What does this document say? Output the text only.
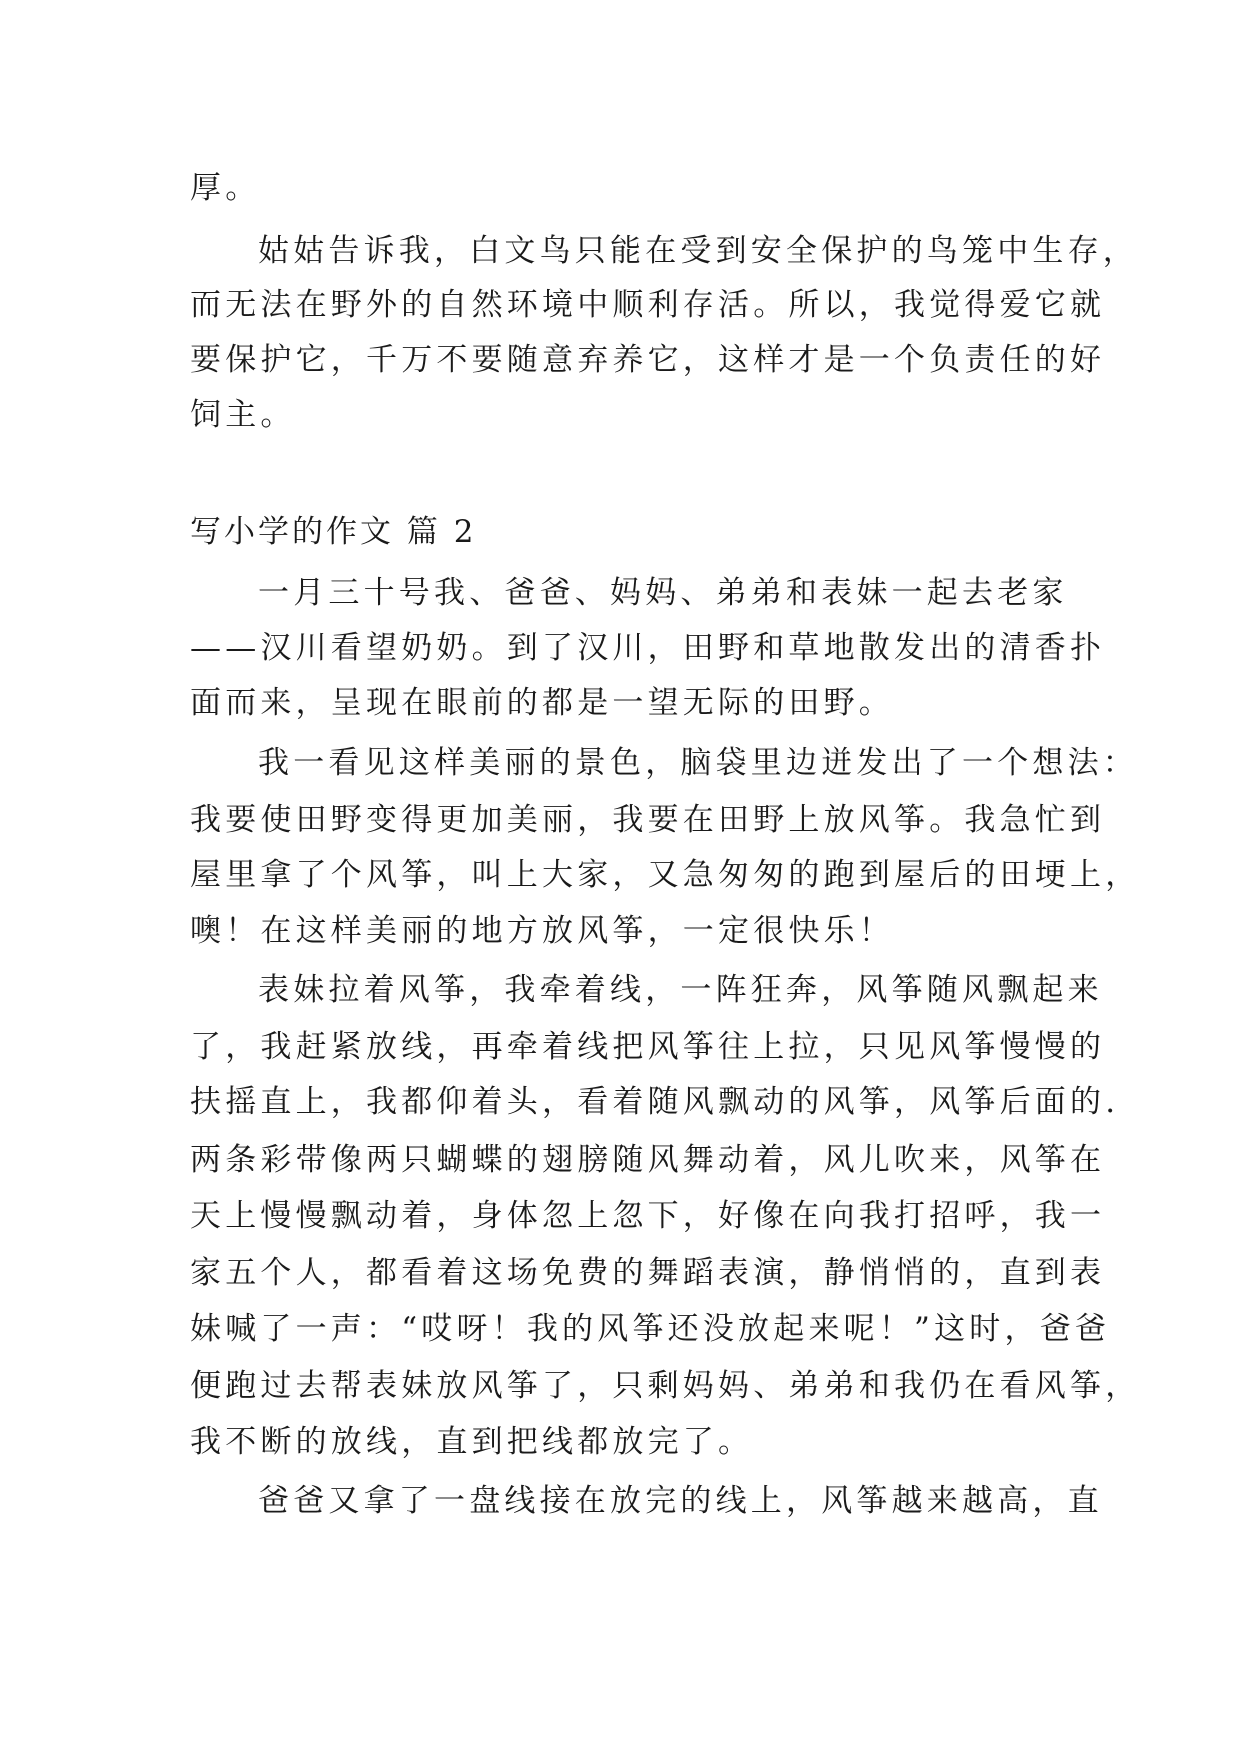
厚。
姑姑告诉我，白文鸟只能在受到安全保护的鸟笼中生存，
而无法在野外的自然环境中顺利存活。所以，我觉得爱它就
要保护它，千万不要随意弃养它，这样才是一个负责任的好
饲主。
写小学的作文 篇 2
一月三十号我、爸爸、妈妈、弟弟和表妹一起去老家
——汉川看望奶奶。到了汉川，田野和草地散发出的清香扑
面而来，呈现在眼前的都是一望无际的田野。
我一看见这样美丽的景色，脑袋里边迸发出了一个想法：
我要使田野变得更加美丽，我要在田野上放风筝。我急忙到
屋里拿了个风筝，叫上大家，又急匆匆的跑到屋后的田埂上，
噢！在这样美丽的地方放风筝，一定很快乐！
表妹拉着风筝，我牵着线，一阵狂奔，风筝随风飘起来
了，我赶紧放线，再牵着线把风筝往上拉，只见风筝慢慢的
扶摇直上，我都仰着头，看着随风飘动的风筝，风筝后面的.
两条彩带像两只蝴蝶的翅膀随风舞动着，风儿吹来，风筝在
天上慢慢飘动着，身体忽上忽下，好像在向我打招呼，我一
家五个人，都看着这场免费的舞蹈表演，静悄悄的，直到表
妹喊了一声：“哎呀！我的风筝还没放起来呢！”这时，爸爸
便跑过去帮表妹放风筝了，只剩妈妈、弟弟和我仍在看风筝，
我不断的放线，直到把线都放完了。
爸爸又拿了一盘线接在放完的线上，风筝越来越高，直
